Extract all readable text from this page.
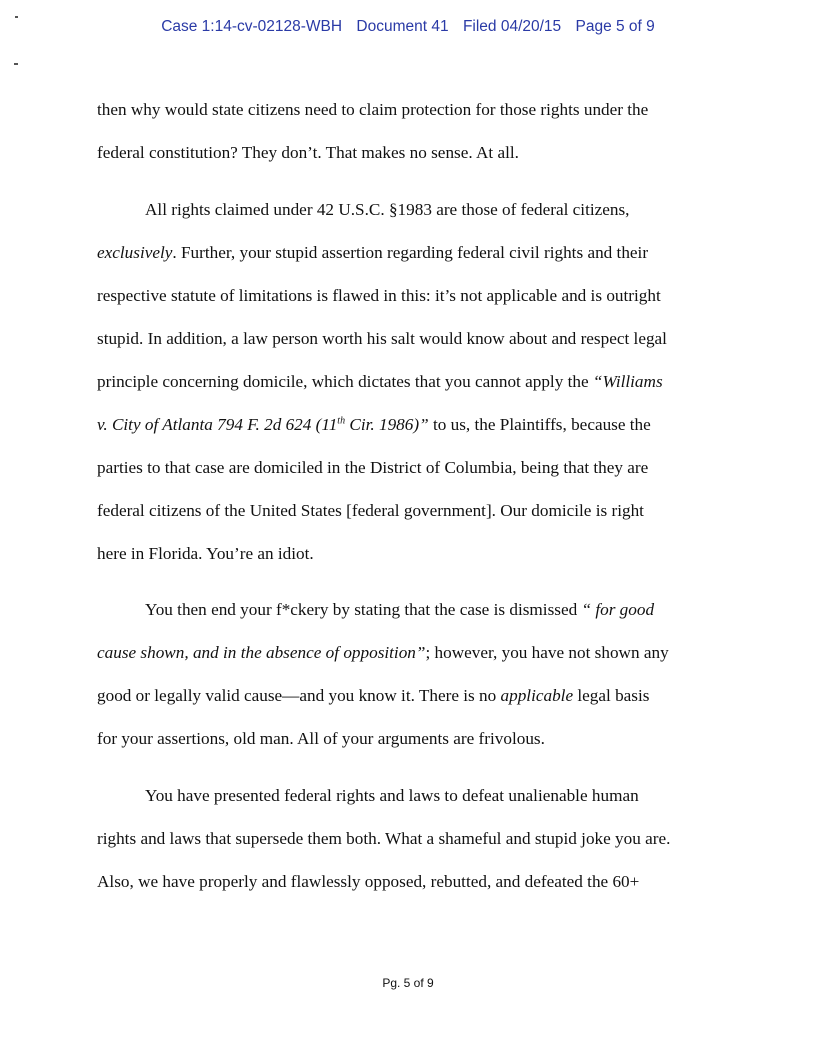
Case 1:14-cv-02128-WBH Document 41 Filed 04/20/15 Page 5 of 9
then why would state citizens need to claim protection for those rights under the
federal constitution? They don’t. That makes no sense. At all.
All rights claimed under 42 U.S.C. §1983 are those of federal citizens,
exclusively. Further, your stupid assertion regarding federal civil rights and their
respective statute of limitations is flawed in this: it’s not applicable and is outright
stupid. In addition, a law person worth his salt would know about and respect legal
principle concerning domicile, which dictates that you cannot apply the “Williams
v. City of Atlanta 794 F. 2d 624 (11th Cir. 1986)” to us, the Plaintiffs, because the
parties to that case are domiciled in the District of Columbia, being that they are
federal citizens of the United States [federal government]. Our domicile is right
here in Florida. You’re an idiot.
You then end your f*ckery by stating that the case is dismissed “ for good
cause shown, and in the absence of opposition”; however, you have not shown any
good or legally valid cause—and you know it. There is no applicable legal basis
for your assertions, old man. All of your arguments are frivolous.
You have presented federal rights and laws to defeat unalienable human
rights and laws that supersede them both. What a shameful and stupid joke you are.
Also, we have properly and flawlessly opposed, rebutted, and defeated the 60+
Pg. 5 of 9
